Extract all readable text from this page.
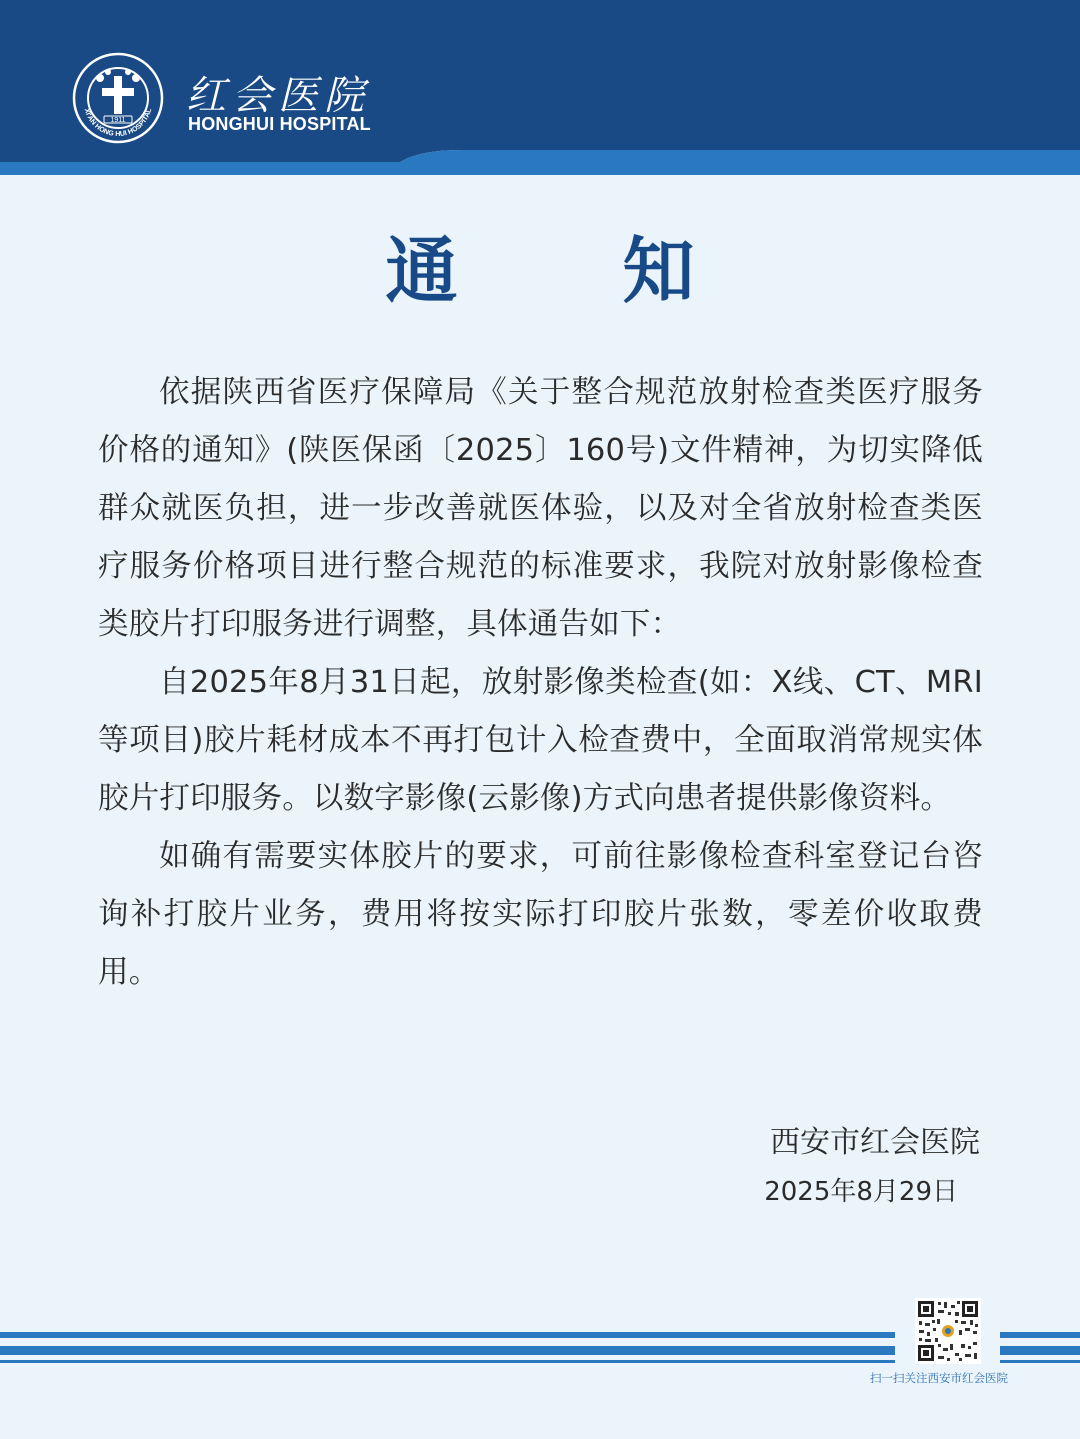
XI'AN HONG HUI HOSPITAL
1911
红会医院
HONGHUI HOSPITAL
通 知

依据陕西省医疗保障局《关于整合规范放射检查类医疗服务价格的通知》(陕医保函〔2025〕160号)文件精神，为切实降低群众就医负担，进一步改善就医体验，以及对全省放射检查类医疗服务价格项目进行整合规范的标准要求，我院对放射影像检查类胶片打印服务进行调整，具体通告如下：

自2025年8月31日起，放射影像类检查(如：X线、CT、MRI等项目)胶片耗材成本不再打包计入检查费中，全面取消常规实体胶片打印服务。以数字影像(云影像)方式向患者提供影像资料。

如确有需要实体胶片的要求，可前往影像检查科室登记台咨询补打胶片业务，费用将按实际打印胶片张数，零差价收取费用。

西安市红会医院
2025年8月29日
扫一扫关注西安市红会医院
